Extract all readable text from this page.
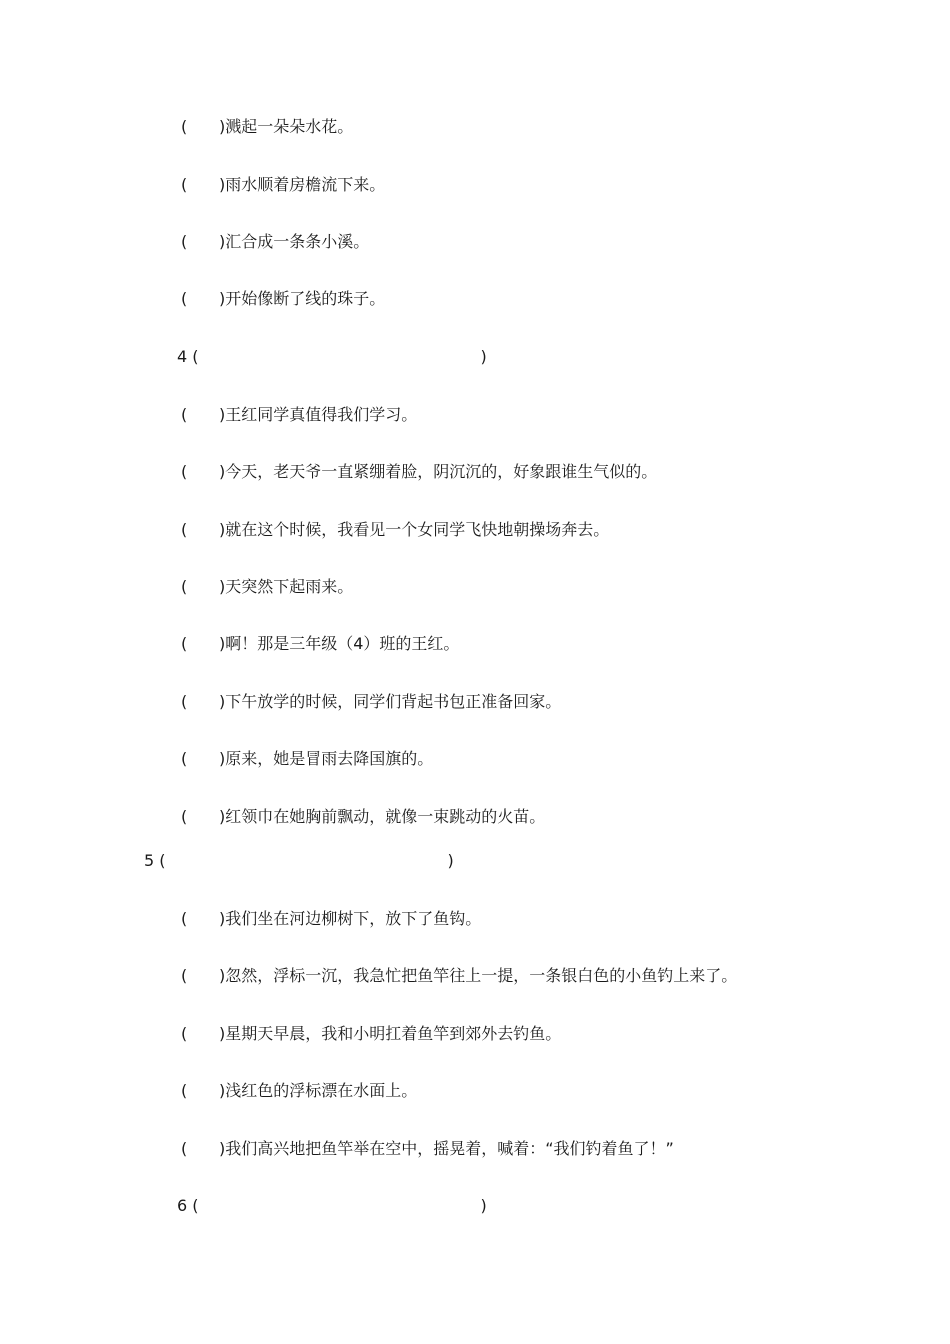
( )溅起一朵朵水花。
( )雨水顺着房檐流下来。
( )汇合成一条条小溪。
( )开始像断了线的珠子。
4 (	)
( )王红同学真值得我们学习。
( )今天，老天爷一直紧绷着脸，阴沉沉的，好象跟谁生气似的。
( )就在这个时候，我看见一个女同学飞快地朝操场奔去。
( )天突然下起雨来。
( )啊！那是三年级（4）班的王红。
( )下午放学的时候，同学们背起书包正准备回家。
( )原来，她是冒雨去降国旗的。
( )红领巾在她胸前飘动，就像一束跳动的火苗。
5 (	)
( )我们坐在河边柳树下，放下了鱼钩。
( )忽然，浮标一沉，我急忙把鱼竿往上一提，一条银白色的小鱼钓上来了。
( )星期天早晨，我和小明扛着鱼竿到郊外去钓鱼。
( )浅红色的浮标漂在水面上。
( )我们高兴地把鱼竿举在空中，摇晃着，喊着：“我们钓着鱼了！”
6 (	)
